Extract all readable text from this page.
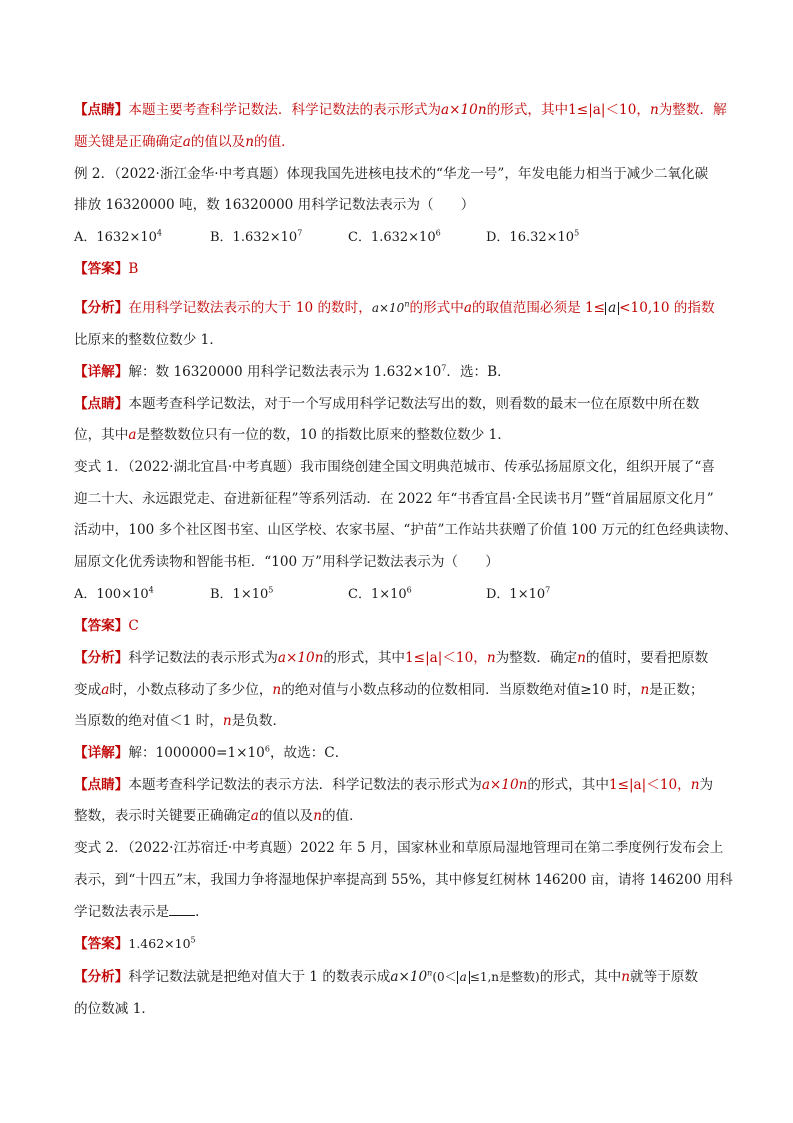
【点睛】本题主要考查科学记数法．科学记数法的表示形式为a×10n的形式，其中1≤|a|＜10，n为整数．解
题关键是正确确定a的值以及n的值．
例 2．（2022·浙江金华·中考真题）体现我国先进核电技术的“华龙一号”，年发电能力相当于减少二氧化碳
排放 16320000 吨，数 16320000 用科学记数法表示为（　　）
A．$1632\times 10^4$	B．$1.632\times 10^7$	C．$1.632\times 10^6$	D．$16.32\times 10^5$
【答案】B
【分析】在用科学记数法表示的大于 10 的数时，$a\times 10^n$的形式中a的取值范围必须是 1≤ a <10,10 的指数
比原来的整数位数少 1．
【详解】解：数 16320000 用科学记数法表示为 $1.632\times 10^7$．选：B．
【点睛】本题考查科学记数法，对于一个写成用科学记数法写出的数，则看数的最末一位在原数中所在数
位，其中a是整数数位只有一位的数，10 的指数比原来的整数位数少 1．
变式 1．（2022·湖北宜昌·中考真题）我市围绕创建全国文明典范城市、传承弘扬屈原文化，组织开展了“喜
迎二十大、永远跟党走、奋进新征程”等系列活动．在 2022 年“书香宜昌·全民读书月”暨“首届屈原文化月”
活动中，100 多个社区图书室、山区学校、农家书屋、“护苗”工作站共获赠了价值 100 万元的红色经典读物、
屈原文化优秀读物和智能书柜．“100 万”用科学记数法表示为（　　）
A．$100\times 10^4$	B．$1\times 10^5$	C．$1\times 10^6$	D．$1\times 10^7$
【答案】C
【分析】科学记数法的表示形式为a×10n的形式，其中1≤|a|＜10，n为整数．确定n的值时，要看把原数
变成a时，小数点移动了多少位，n的绝对值与小数点移动的位数相同．当原数绝对值≥10 时，n是正数；
当原数的绝对值＜1 时，n是负数．
【详解】解：$1000000=1\times 10^6$，故选：C．
【点睛】本题考查科学记数法的表示方法．科学记数法的表示形式为a×10n的形式，其中1≤|a|＜10，n为
整数，表示时关键要正确确定a的值以及n的值．
变式 2．（2022·江苏宿迁·中考真题）2022 年 5 月，国家林业和草原局湿地管理司在第二季度例行发布会上
表示，到“十四五”末，我国力争将湿地保护率提高到 55%，其中修复红树林 146200 亩，请将 146200 用科
学记数法表示是 ．
【答案】$1.462\times 10^5$
【分析】科学记数法就是把绝对值大于 1 的数表示成$a\times 10^n(0< a \le 1,n$是整数)的形式，其中n就等于原数
的位数减 1．
